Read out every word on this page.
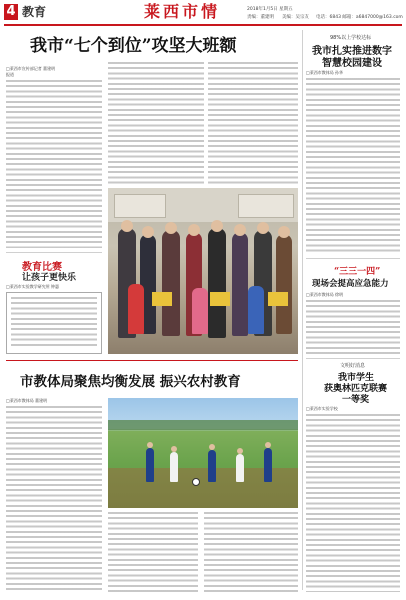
4 教育	莱西市情	2018年1月5日 星期五
责编：董建明 美编：吴宗友 电话：6843 邮箱：a6847000@163.com
我市“七个到位”攻坚大班额
□莱西市宣传部记者 董建明
报道
教育比赛
让孩子更快乐
□莱西市实验教学研究所 钟惠
98%以上学校达标
我市扎实推进数字
智慧校园建设
□莱西市教体局 孙华
“三三一四”
现场会提高应急能力
□莱西市教体局 徐明
文明好消息
我市学生
获奥林匹克联赛
一等奖
□莱西市实验学校
市教体局聚焦均衡发展 振兴农村教育
□莱西市教体局 董建明
